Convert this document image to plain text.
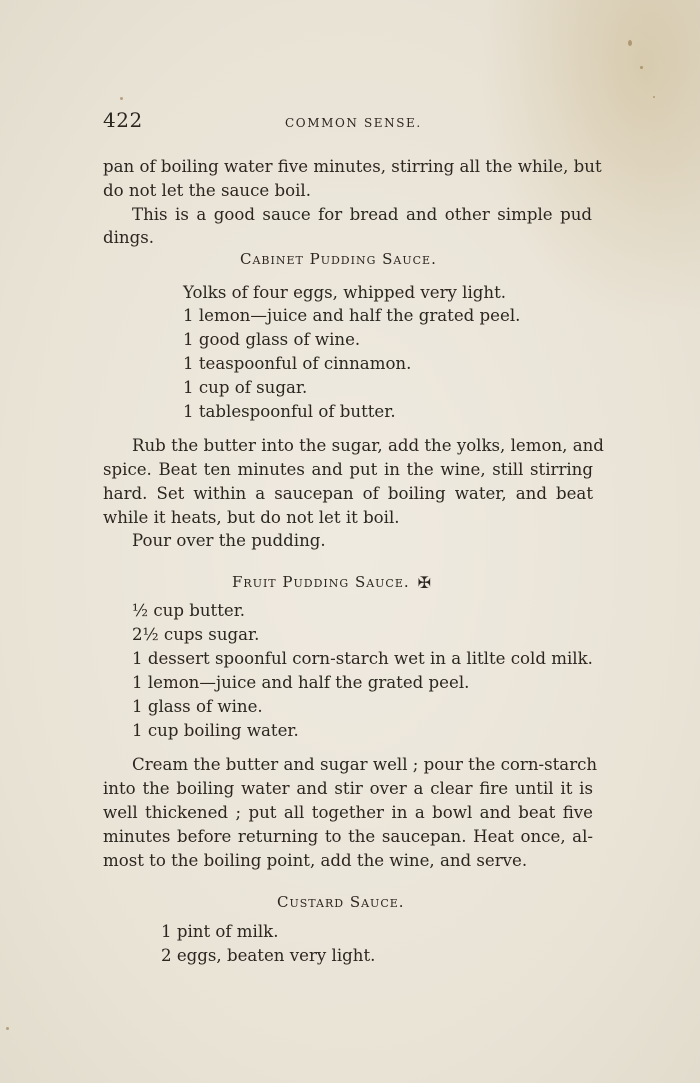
422	COMMON SENSE.
pan of boiling water five minutes, stirring all the while, but
do not let the sauce boil.
This is a good sauce for bread and other simple pud
dings.
Cabinet Pudding Sauce.
Yolks of four eggs, whipped very light.
1 lemon—juice and half the grated peel.
1 good glass of wine.
1 teaspoonful of cinnamon.
1 cup of sugar.
1 tablespoonful of butter.
Rub the butter into the sugar, add the yolks, lemon, and
spice. Beat ten minutes and put in the wine, still stirring
hard. Set within a saucepan of boiling water, and beat
while it heats, but do not let it boil.
Pour over the pudding.
Fruit Pudding Sauce. ✠
½ cup butter.
2½ cups sugar.
1 dessert spoonful corn-starch wet in a litlte cold milk.
1 lemon—juice and half the grated peel.
1 glass of wine.
1 cup boiling water.
Cream the butter and sugar well ; pour the corn-starch
into the boiling water and stir over a clear fire until it is
well thickened ; put all together in a bowl and beat five
minutes before returning to the saucepan. Heat once, al-
most to the boiling point, add the wine, and serve.
Custard Sauce.
1 pint of milk.
2 eggs, beaten very light.
